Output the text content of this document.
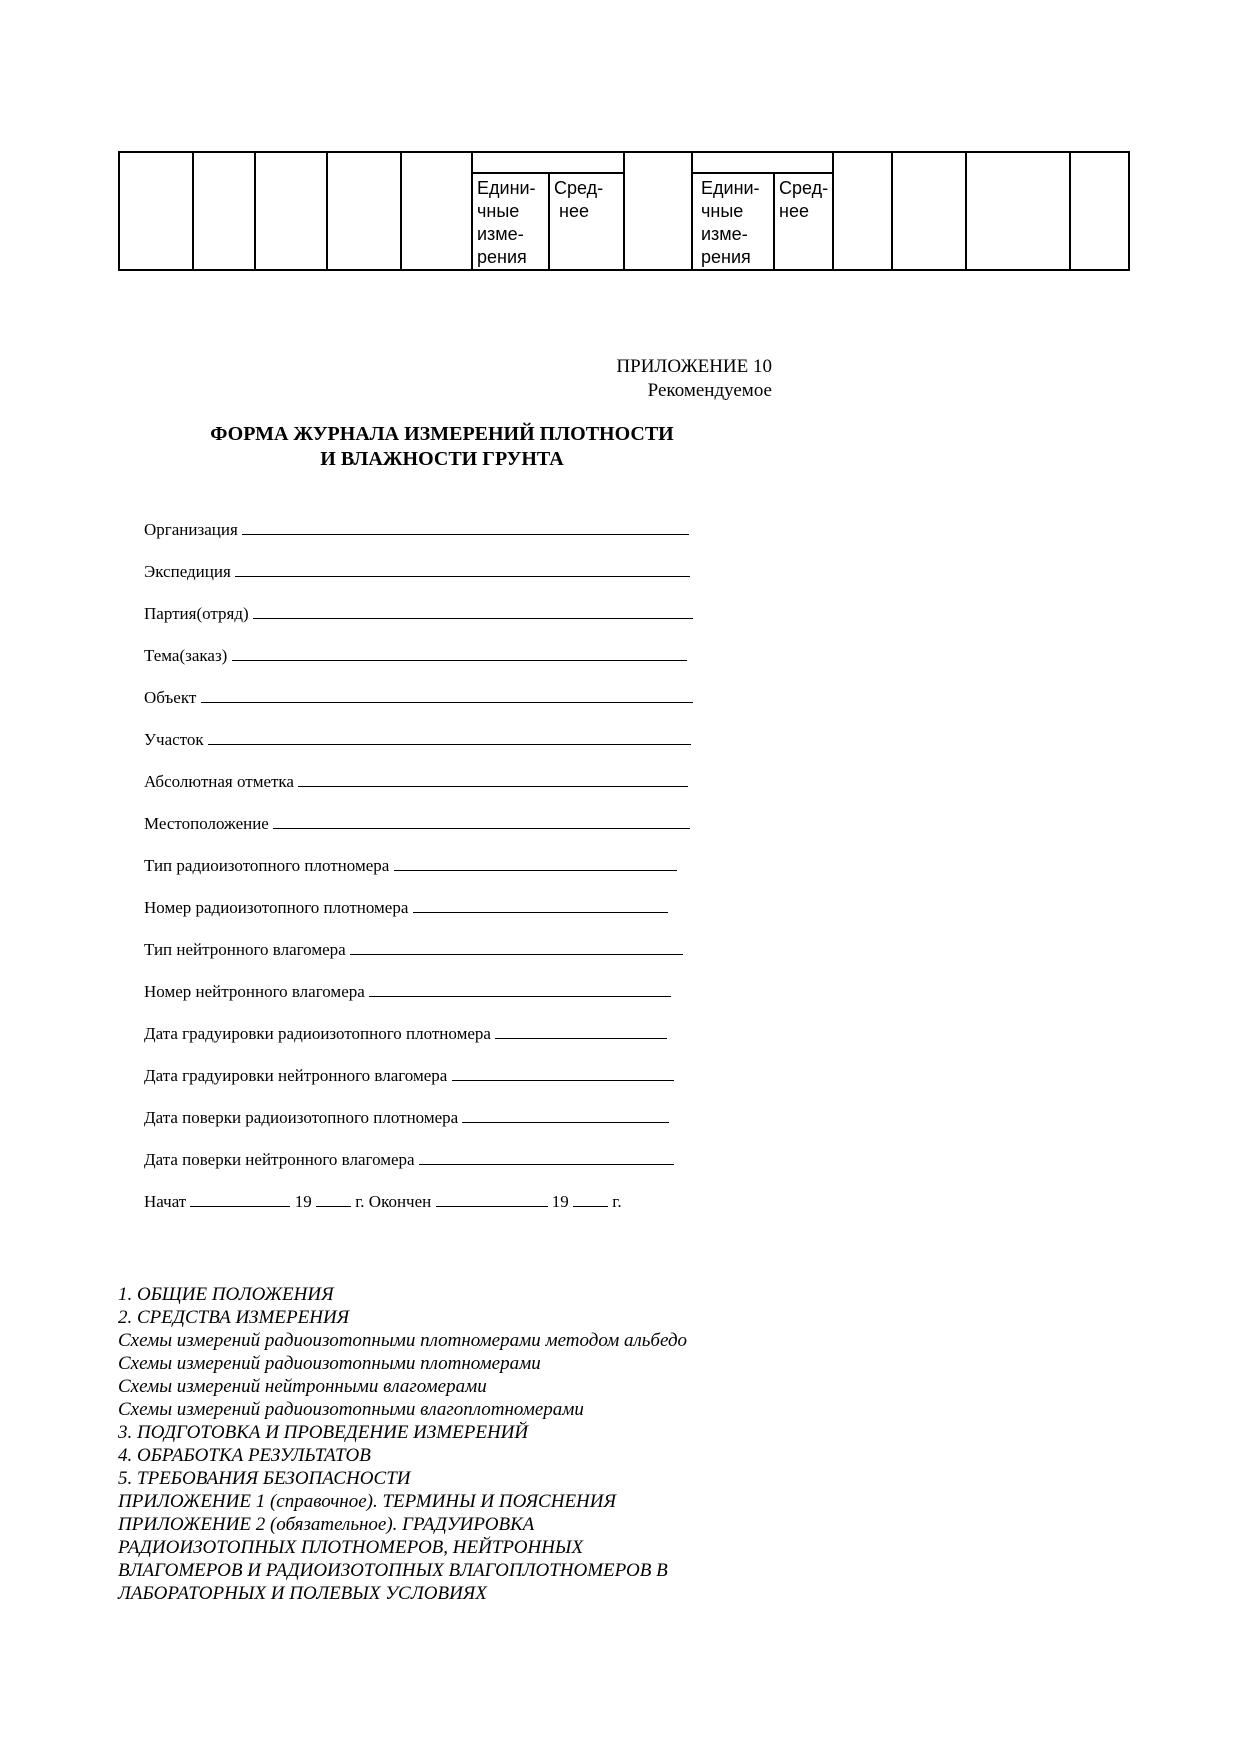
					Едини-
чные
изме-
рения	Сред-
нее		Едини-
чные
изме-
рения	Сред-
нее				
ПРИЛОЖЕНИЕ 10
Рекомендуемое
ФОРМА ЖУРНАЛА ИЗМЕРЕНИЙ ПЛОТНОСТИ
И ВЛАЖНОСТИ ГРУНТА
Организация
Экспедиция
Партия(отряд)
Тема(заказ)
Объект
Участок
Абсолютная отметка
Местоположение
Тип радиоизотопного плотномера
Номер радиоизотопного плотномера
Тип нейтронного влагомера
Номер нейтронного влагомера
Дата градуировки радиоизотопного плотномера
Дата градуировки нейтронного влагомера
Дата поверки радиоизотопного плотномера
Дата поверки нейтронного влагомера
Начат	19	г. Окончен	19	г.
1. ОБЩИЕ ПОЛОЖЕНИЯ
2. СРЕДСТВА ИЗМЕРЕНИЯ
Схемы измерений радиоизотопными плотномерами методом альбедо
Схемы измерений радиоизотопными плотномерами
Схемы измерений нейтронными влагомерами
Схемы измерений радиоизотопными влагоплотномерами
3. ПОДГОТОВКА И ПРОВЕДЕНИЕ ИЗМЕРЕНИЙ
4. ОБРАБОТКА РЕЗУЛЬТАТОВ
5. ТРЕБОВАНИЯ БЕЗОПАСНОСТИ
ПРИЛОЖЕНИЕ 1 (справочное). ТЕРМИНЫ И ПОЯСНЕНИЯ
ПРИЛОЖЕНИЕ 2 (обязательное). ГРАДУИРОВКА
РАДИОИЗОТОПНЫХ ПЛОТНОМЕРОВ, НЕЙТРОННЫХ
ВЛАГОМЕРОВ И РАДИОИЗОТОПНЫХ ВЛАГОПЛОТНОМЕРОВ В
ЛАБОРАТОРНЫХ И ПОЛЕВЫХ УСЛОВИЯХ
